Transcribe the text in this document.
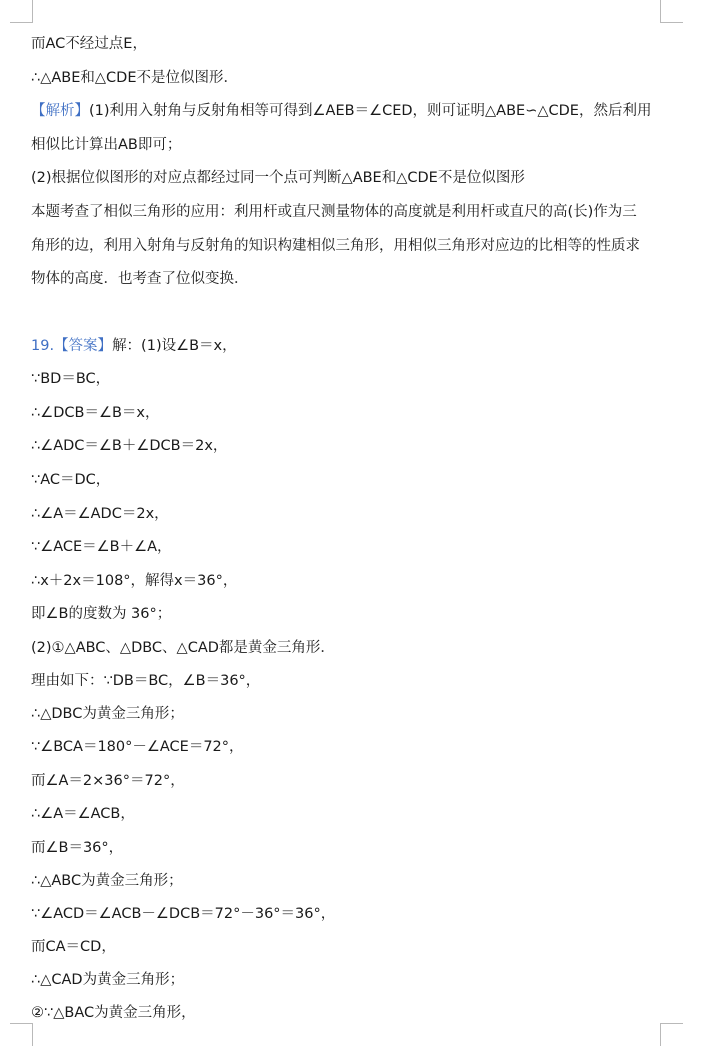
而AC不经过点E，
∴△ABE和△CDE不是位似图形．
【解析】(1)利用入射角与反射角相等可得到∠AEB＝∠CED，则可证明△ABE∽△CDE，然后利用
相似比计算出AB即可；
(2)根据位似图形的对应点都经过同一个点可判断△ABE和△CDE不是位似图形
本题考查了相似三角形的应用：利用杆或直尺测量物体的高度就是利用杆或直尺的高(长)作为三
角形的边，利用入射角与反射角的知识构建相似三角形，用相似三角形对应边的比相等的性质求
物体的高度．也考查了位似变换．
19.【答案】解：(1)设∠B＝x，
∵BD＝BC，
∴∠DCB＝∠B＝x，
∴∠ADC＝∠B＋∠DCB＝2x，
∵AC＝DC，
∴∠A＝∠ADC＝2x，
∵∠ACE＝∠B＋∠A，
∴x＋2x＝108°，解得x＝36°，
即∠B的度数为 36°；
(2)①△ABC、△DBC、△CAD都是黄金三角形．
理由如下：∵DB＝BC，∠B＝36°，
∴△DBC为黄金三角形；
∵∠BCA＝180°－∠ACE＝72°，
而∠A＝2×36°＝72°，
∴∠A＝∠ACB，
而∠B＝36°，
∴△ABC为黄金三角形；
∵∠ACD＝∠ACB－∠DCB＝72°－36°＝36°，
而CA＝CD，
∴△CAD为黄金三角形；
②∵△BAC为黄金三角形，
